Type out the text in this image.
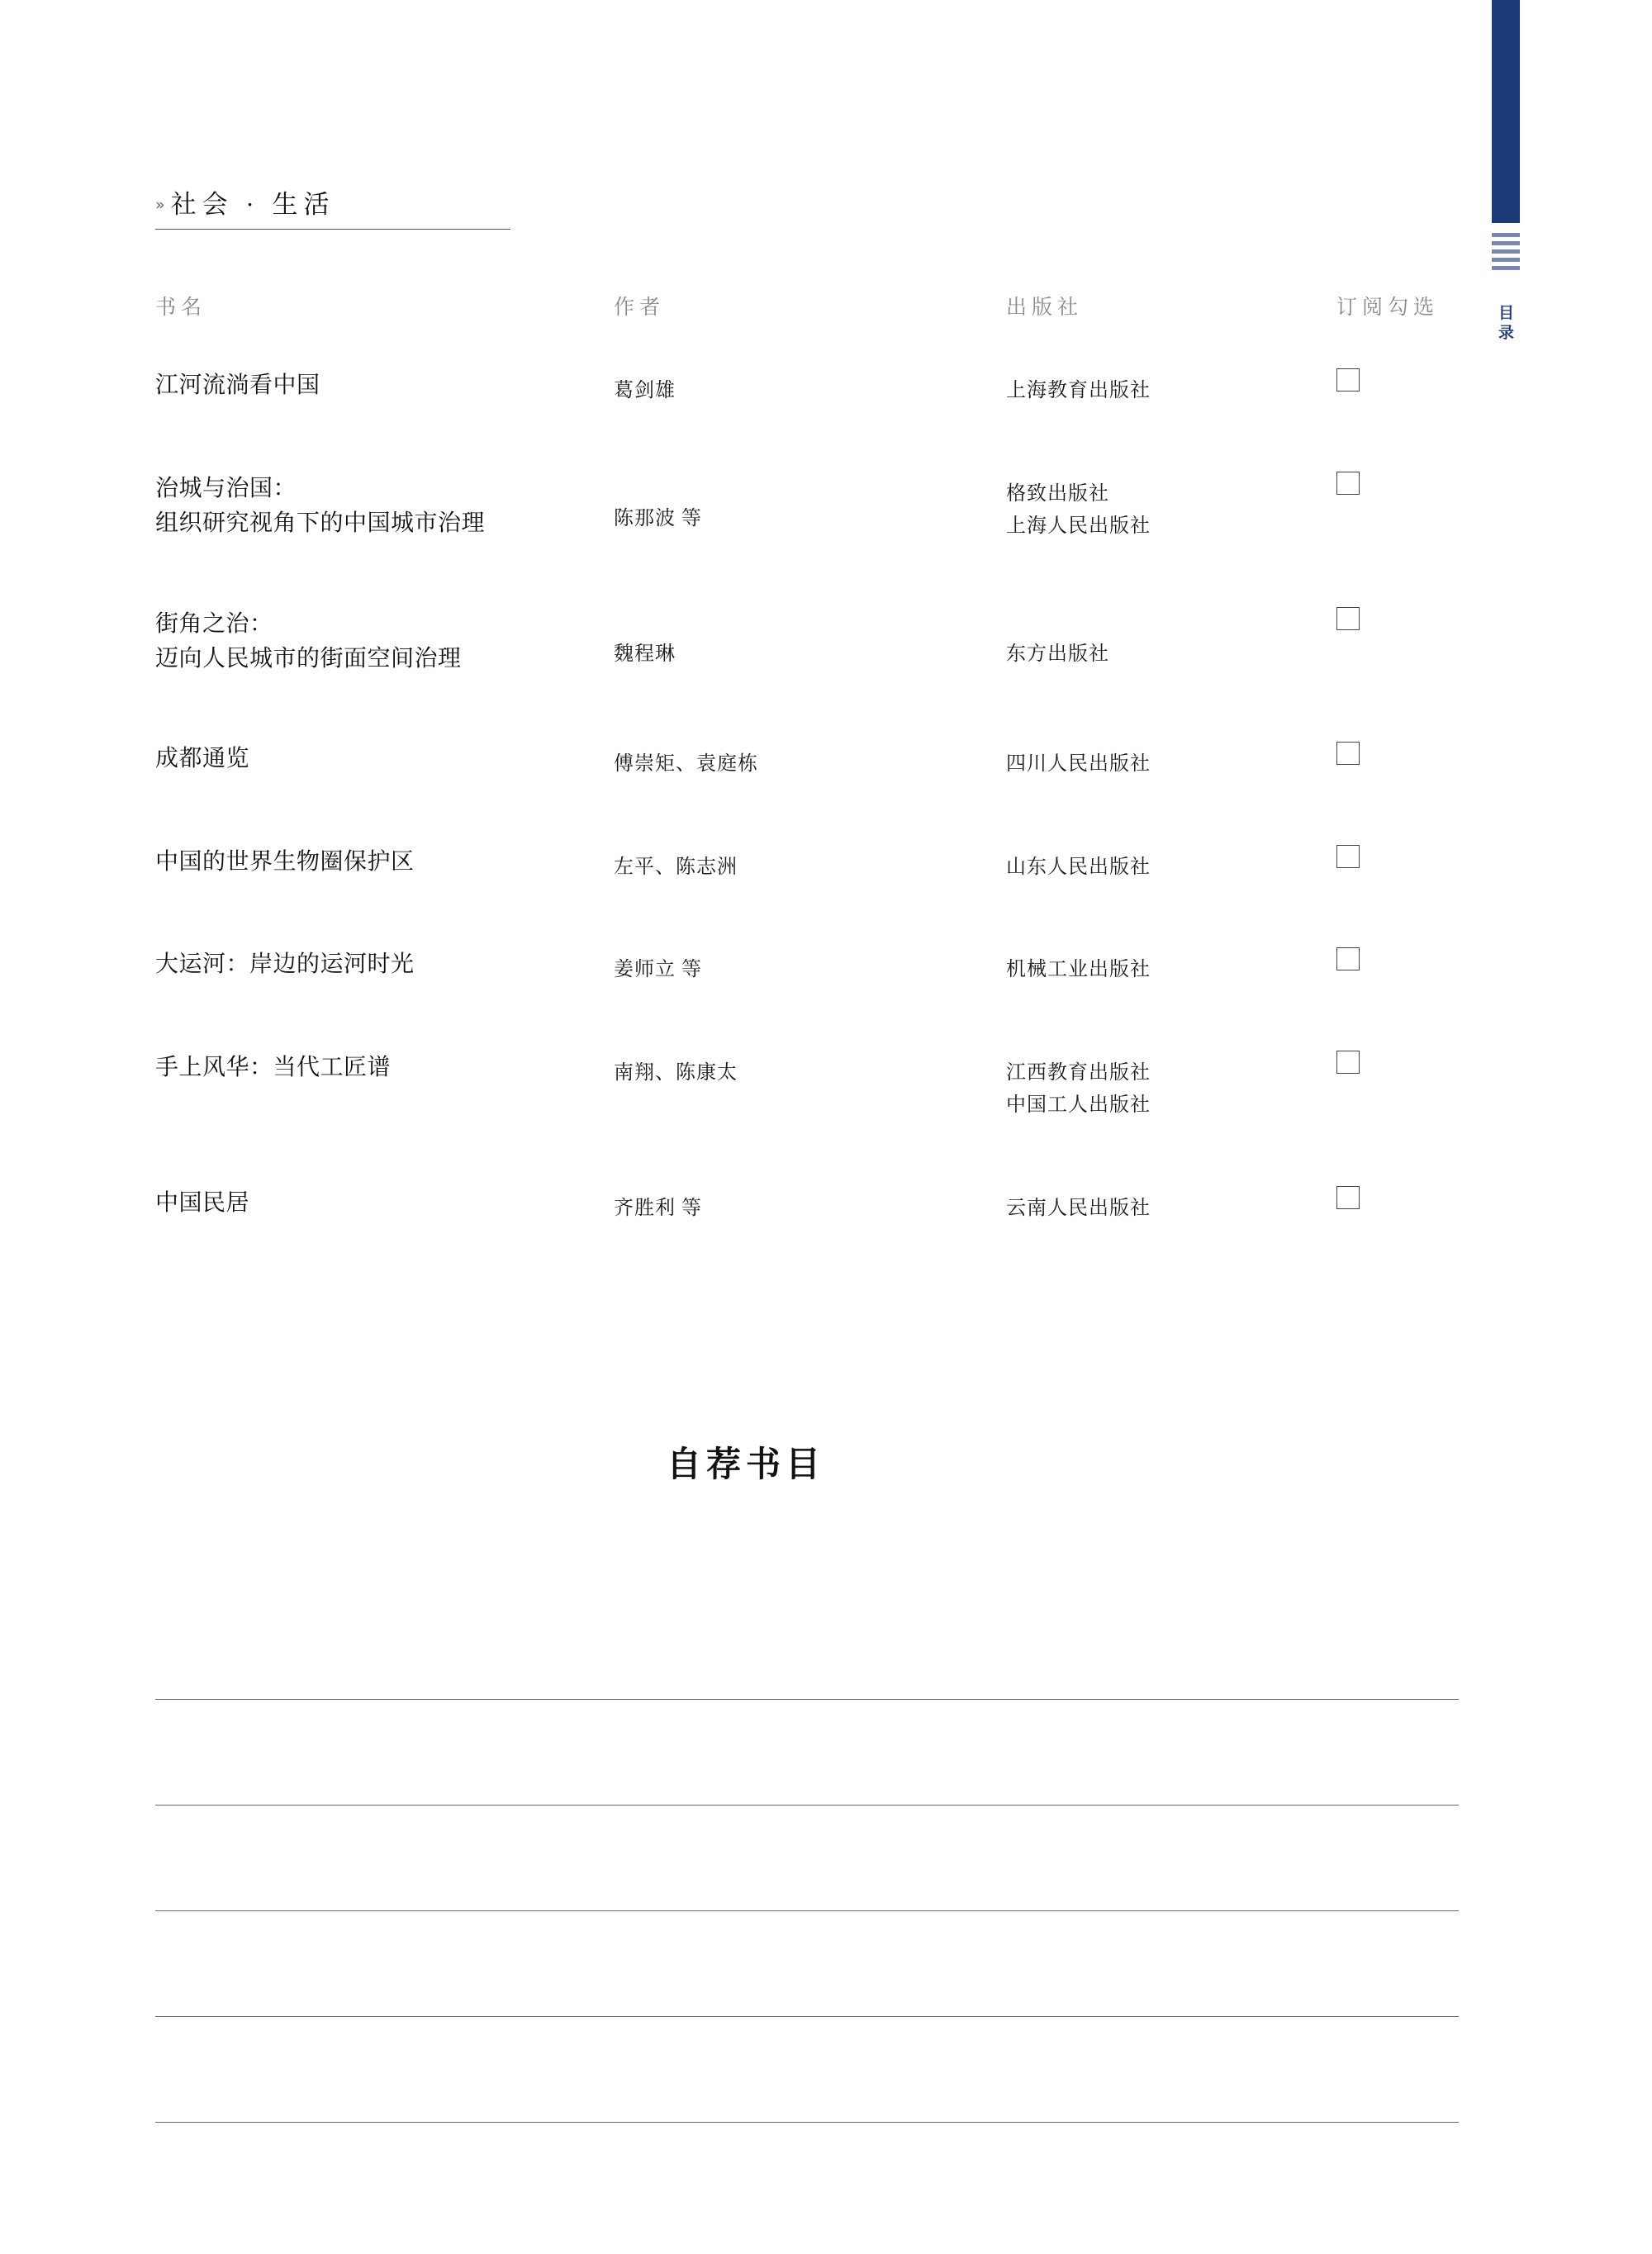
目 录
» 社会 · 生活
书名	作者	出版社	订阅勾选

江河流淌看中国	葛剑雄	上海教育出版社	

治城与治国：
组织研究视角下的中国城市治理	陈那波 等

格致出版社
上海人民出版社

街角之治：
迈向人民城市的街面空间治理	魏程琳	东方出版社	

成都通览	傅崇矩、袁庭栋	四川人民出版社	

中国的世界生物圈保护区	左平、陈志洲	山东人民出版社	

大运河：岸边的运河时光	姜师立 等	机械工业出版社	

手上风华：当代工匠谱	南翔、陈康太	江西教育出版社
中国工人出版社	

中国民居	齐胜利 等	云南人民出版社	

自荐书目
